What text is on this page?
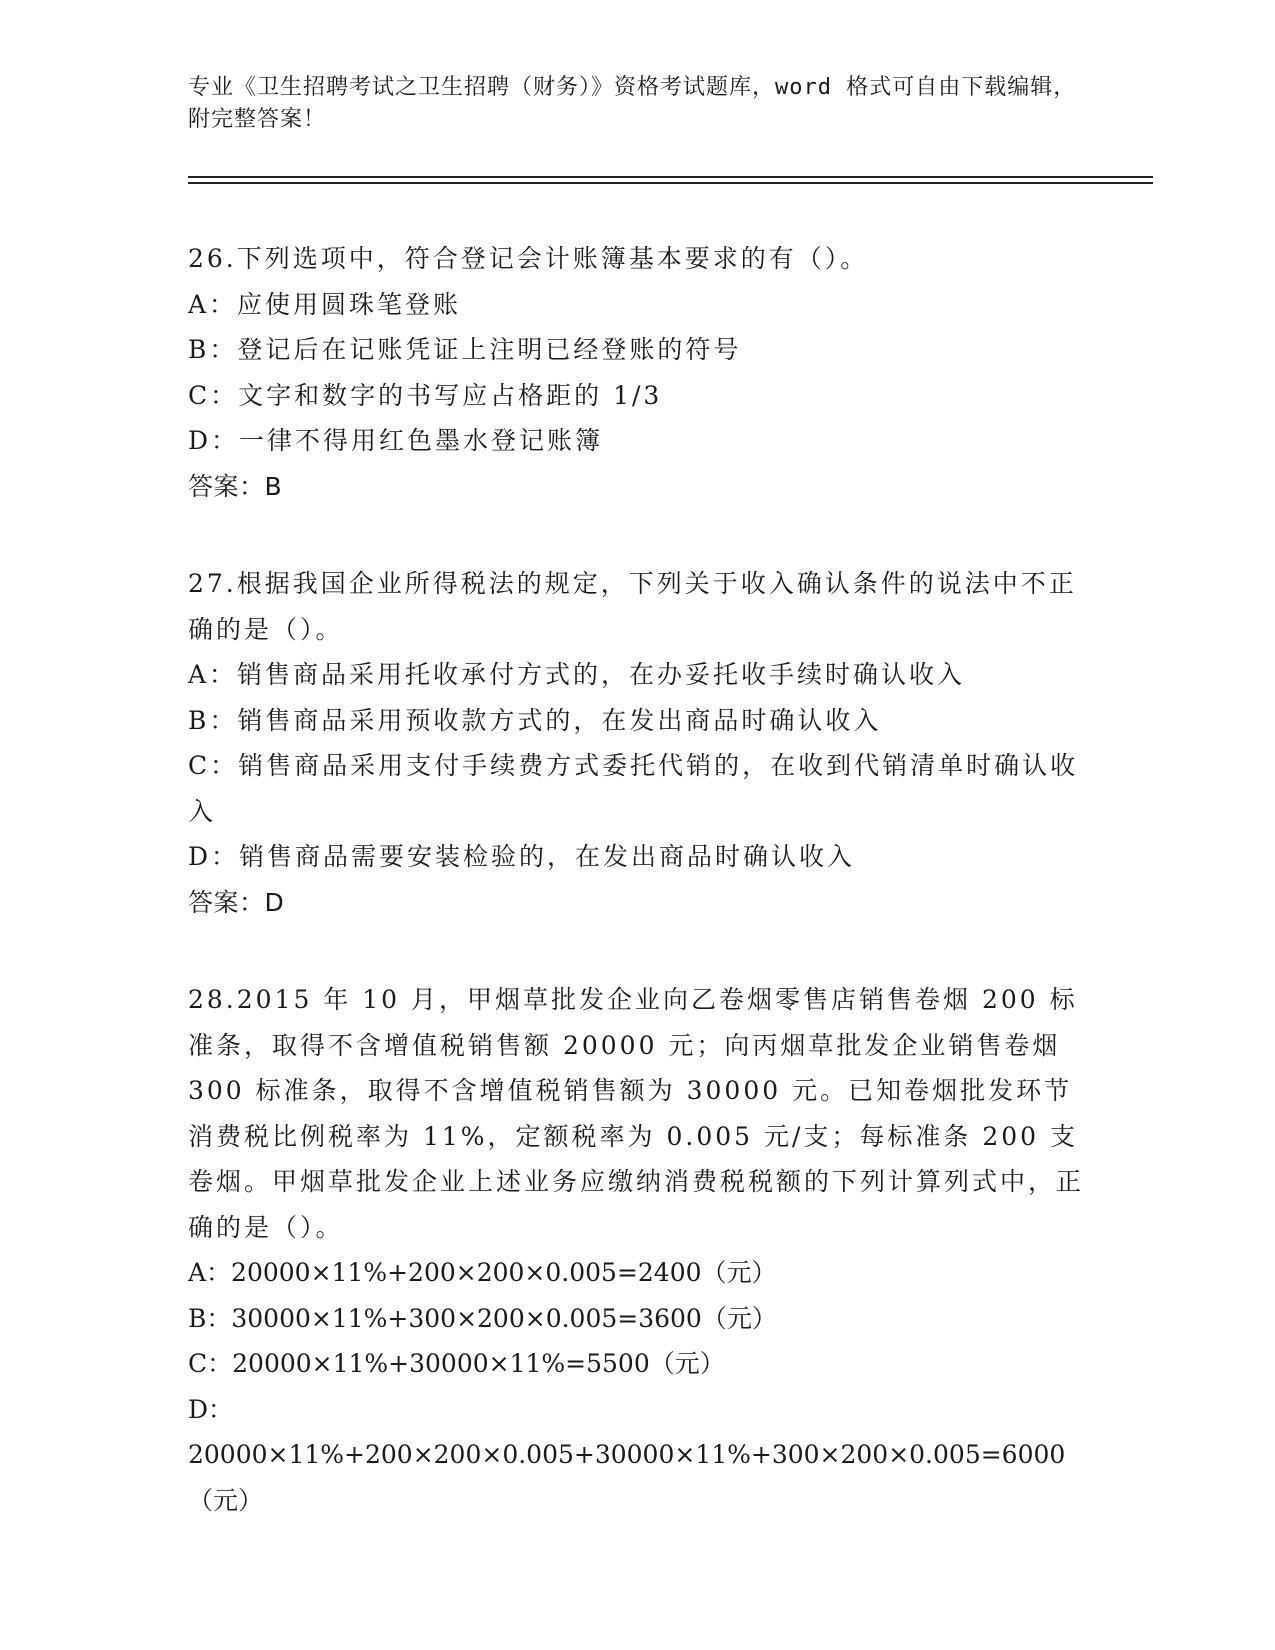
专业《卫生招聘考试之卫生招聘（财务）》资格考试题库，word 格式可自由下载编辑，附完整答案！

26.下列选项中，符合登记会计账簿基本要求的有（）。

A：应使用圆珠笔登账

B：登记后在记账凭证上注明已经登账的符号

C：文字和数字的书写应占格距的 1/3

D：一律不得用红色墨水登记账簿

答案：B

27.根据我国企业所得税法的规定，下列关于收入确认条件的说法中不正确的是（）。

A：销售商品采用托收承付方式的，在办妥托收手续时确认收入

B：销售商品采用预收款方式的，在发出商品时确认收入

C：销售商品采用支付手续费方式委托代销的，在收到代销清单时确认收入

D：销售商品需要安装检验的，在发出商品时确认收入

答案：D

28.2015 年 10 月，甲烟草批发企业向乙卷烟零售店销售卷烟 200 标准条，取得不含增值税销售额 20000 元；向丙烟草批发企业销售卷烟 300 标准条，取得不含增值税销售额为 30000 元。已知卷烟批发环节消费税比例税率为 11%，定额税率为 0.005 元/支；每标准条 200 支卷烟。甲烟草批发企业上述业务应缴纳消费税税额的下列计算列式中，正确的是（）。

A：20000×11%+200×200×0.005=2400（元）

B：30000×11%+300×200×0.005=3600（元）

C：20000×11%+30000×11%=5500（元）

D：20000×11%+200×200×0.005+30000×11%+300×200×0.005=6000（元）
